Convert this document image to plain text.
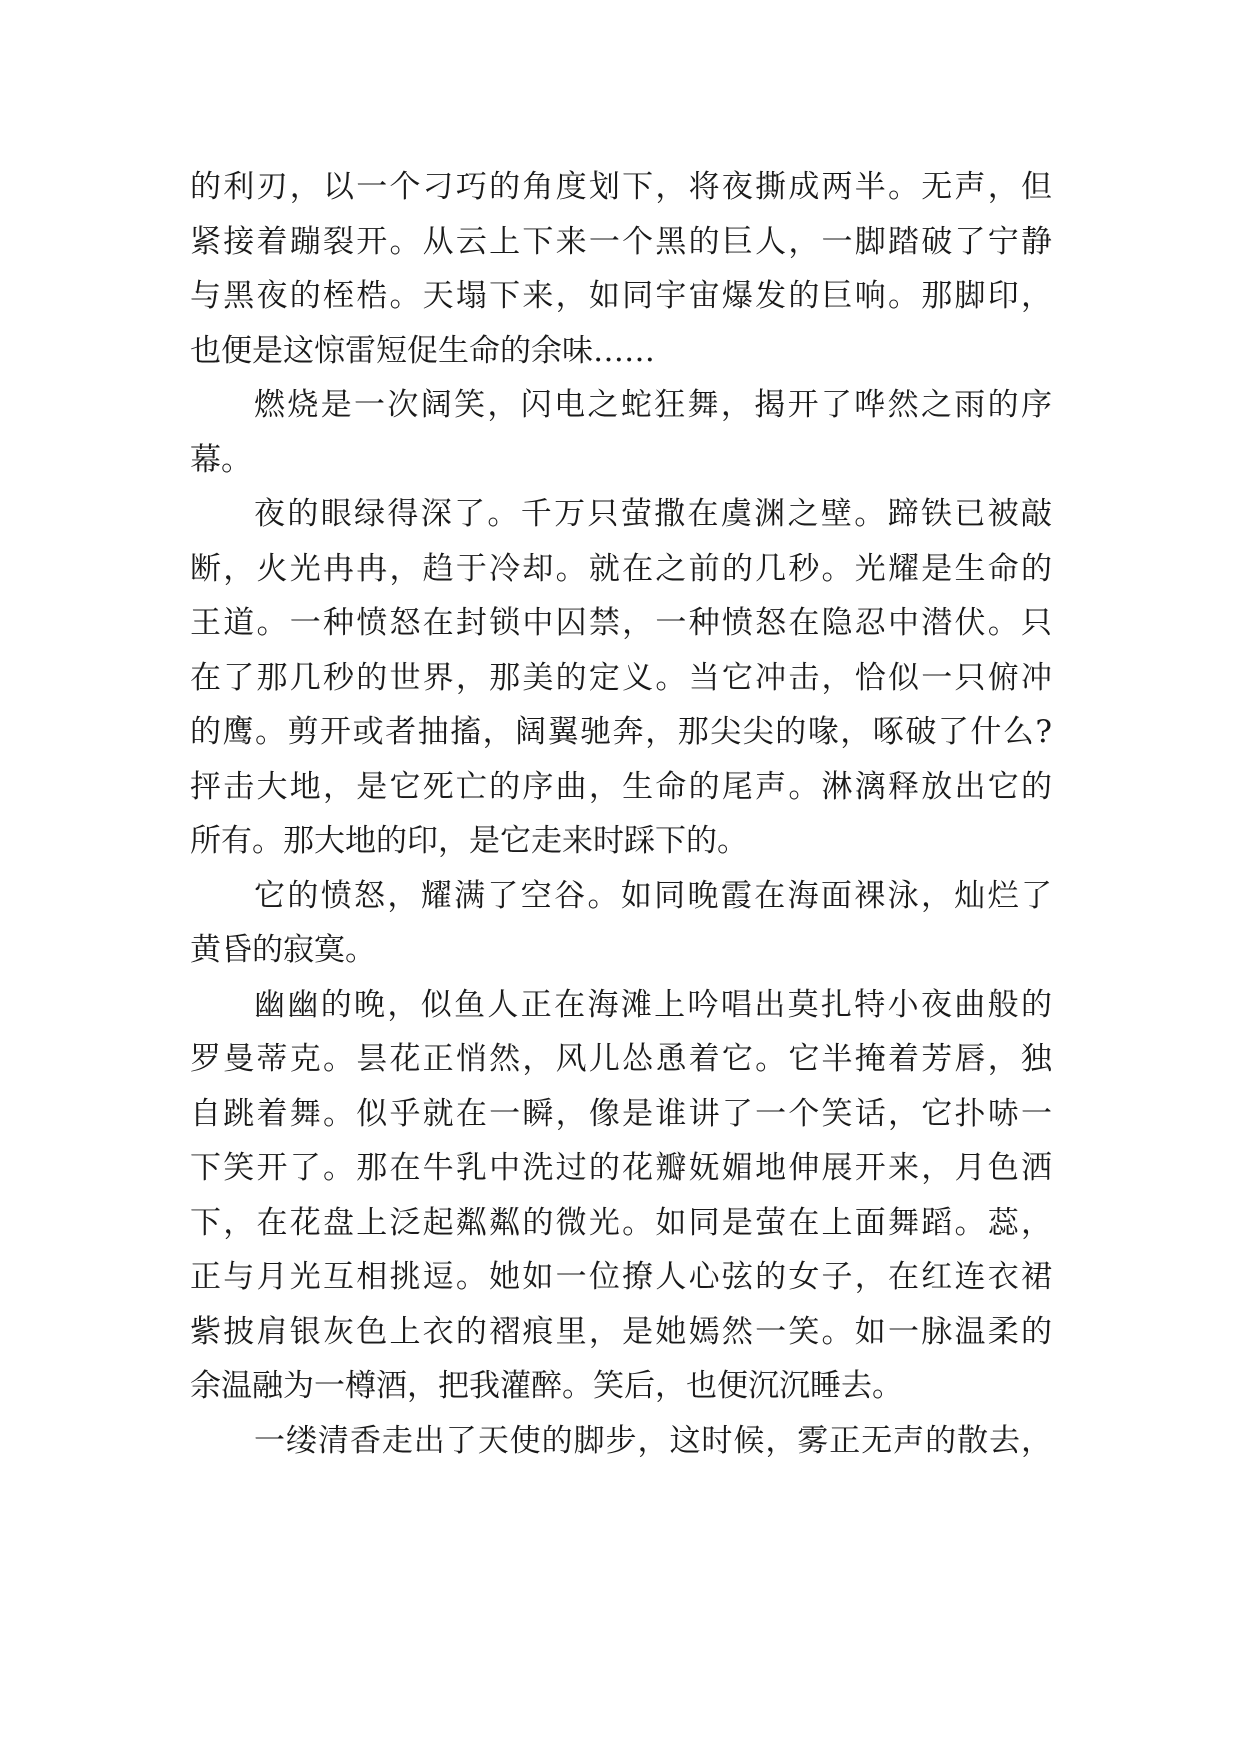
的利刃，以一个刁巧的角度划下，将夜撕成两半。无声，但
紧接着蹦裂开。从云上下来一个黑的巨人，一脚踏破了宁静
与黑夜的桎梏。天塌下来，如同宇宙爆发的巨响。那脚印，
也便是这惊雷短促生命的余味……
燃烧是一次阔笑，闪电之蛇狂舞，揭开了哗然之雨的序
幕。
夜的眼绿得深了。千万只萤撒在虞渊之壁。蹄铁已被敲
断，火光冉冉，趋于冷却。就在之前的几秒。光耀是生命的
王道。一种愤怒在封锁中囚禁，一种愤怒在隐忍中潜伏。只
在了那几秒的世界，那美的定义。当它冲击，恰似一只俯冲
的鹰。剪开或者抽搐，阔翼驰奔，那尖尖的喙，啄破了什么?
抨击大地，是它死亡的序曲，生命的尾声。淋漓释放出它的
所有。那大地的印，是它走来时踩下的。
它的愤怒，耀满了空谷。如同晚霞在海面裸泳，灿烂了
黄昏的寂寞。
幽幽的晚，似鱼人正在海滩上吟唱出莫扎特小夜曲般的
罗曼蒂克。昙花正悄然，风儿怂恿着它。它半掩着芳唇，独
自跳着舞。似乎就在一瞬，像是谁讲了一个笑话，它扑哧一
下笑开了。那在牛乳中洗过的花瓣妩媚地伸展开来，月色洒
下，在花盘上泛起粼粼的微光。如同是萤在上面舞蹈。蕊，
正与月光互相挑逗。她如一位撩人心弦的女子，在红连衣裙
紫披肩银灰色上衣的褶痕里，是她嫣然一笑。如一脉温柔的
余温融为一樽酒，把我灌醉。笑后，也便沉沉睡去。
一缕清香走出了天使的脚步，这时候，雾正无声的散去，
